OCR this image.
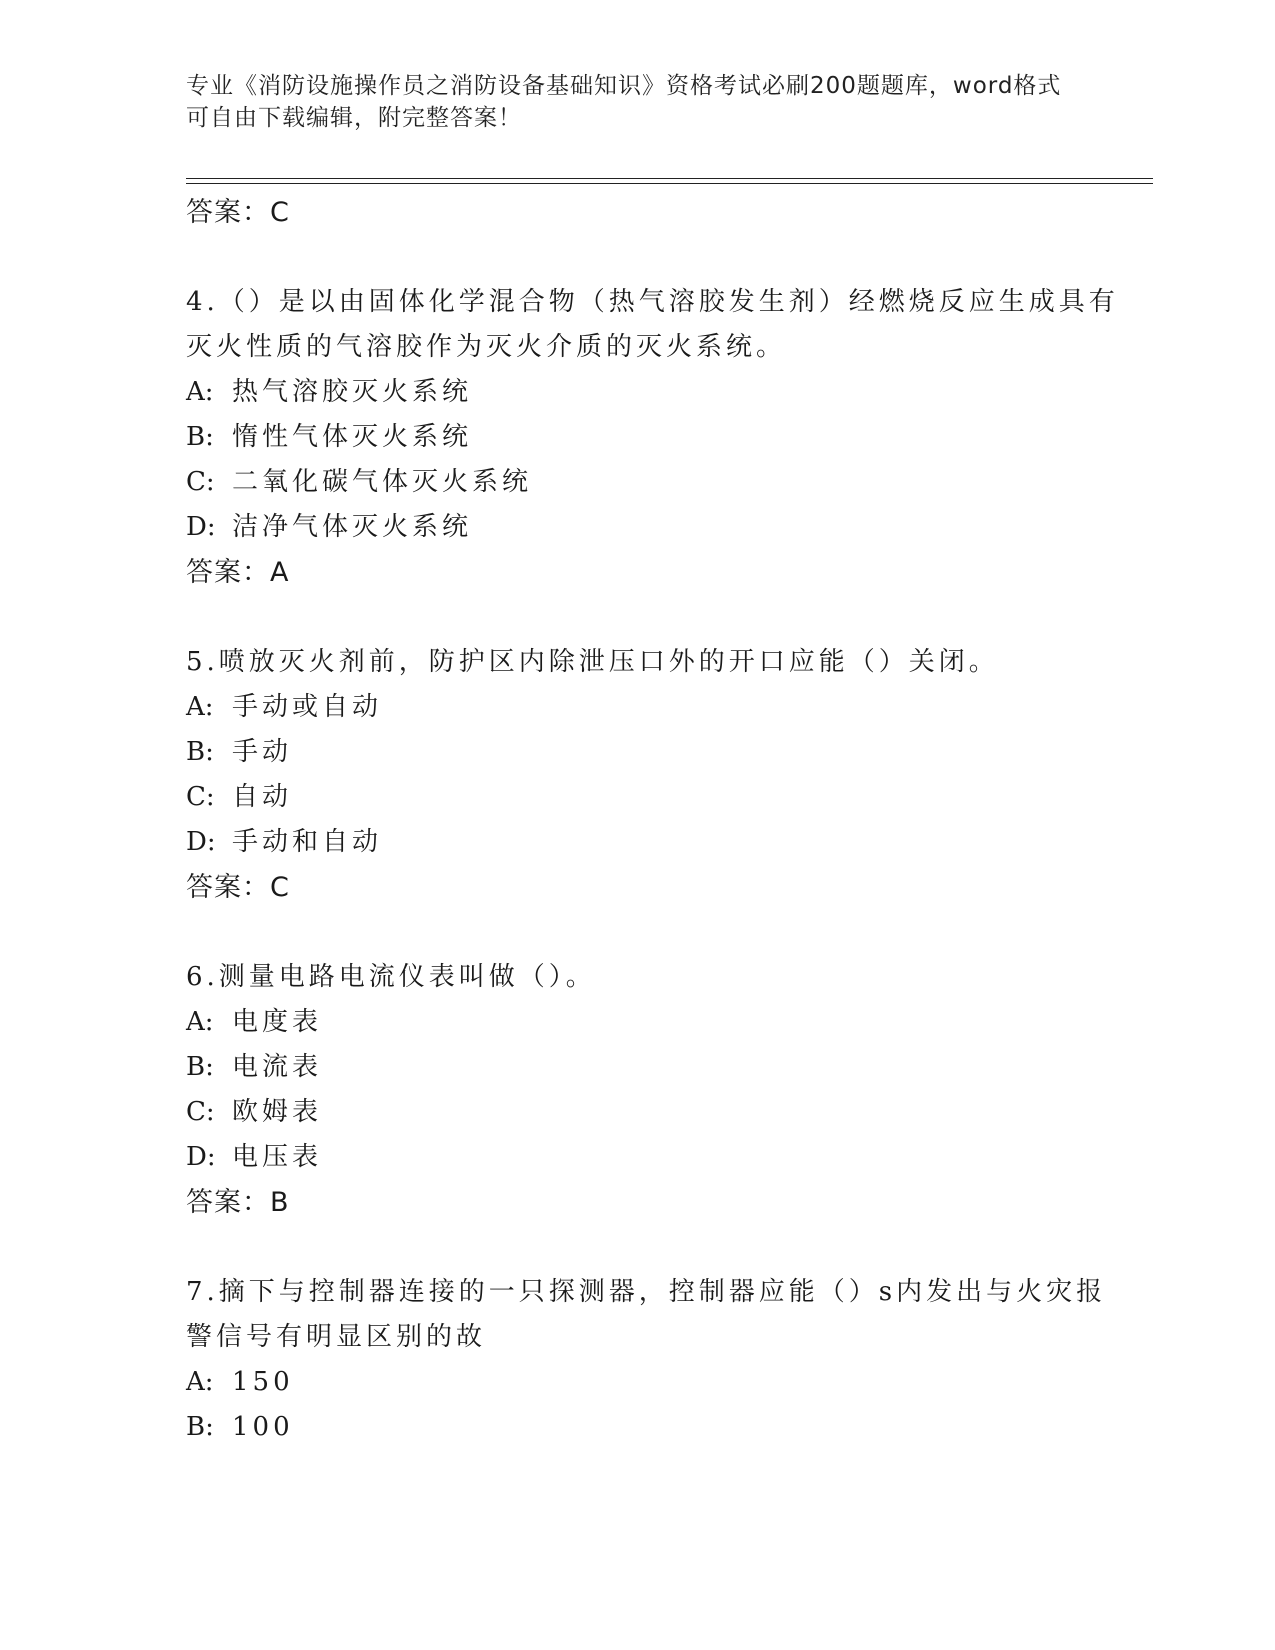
专业《消防设施操作员之消防设备基础知识》资格考试必刷200题题库，word格式可自由下载编辑，附完整答案！
答案：C
4.（）是以由固体化学混合物（热气溶胶发生剂）经燃烧反应生成具有灭火性质的气溶胶作为灭火介质的灭火系统。
A: 热气溶胶灭火系统
B: 惰性气体灭火系统
C: 二氧化碳气体灭火系统
D: 洁净气体灭火系统
答案：A
5.喷放灭火剂前，防护区内除泄压口外的开口应能（）关闭。
A: 手动或自动
B: 手动
C: 自动
D: 手动和自动
答案：C
6.测量电路电流仪表叫做（）。
A: 电度表
B: 电流表
C: 欧姆表
D: 电压表
答案：B
7.摘下与控制器连接的一只探测器，控制器应能（）s内发出与火灾报警信号有明显区别的故
A: 150
B: 100
